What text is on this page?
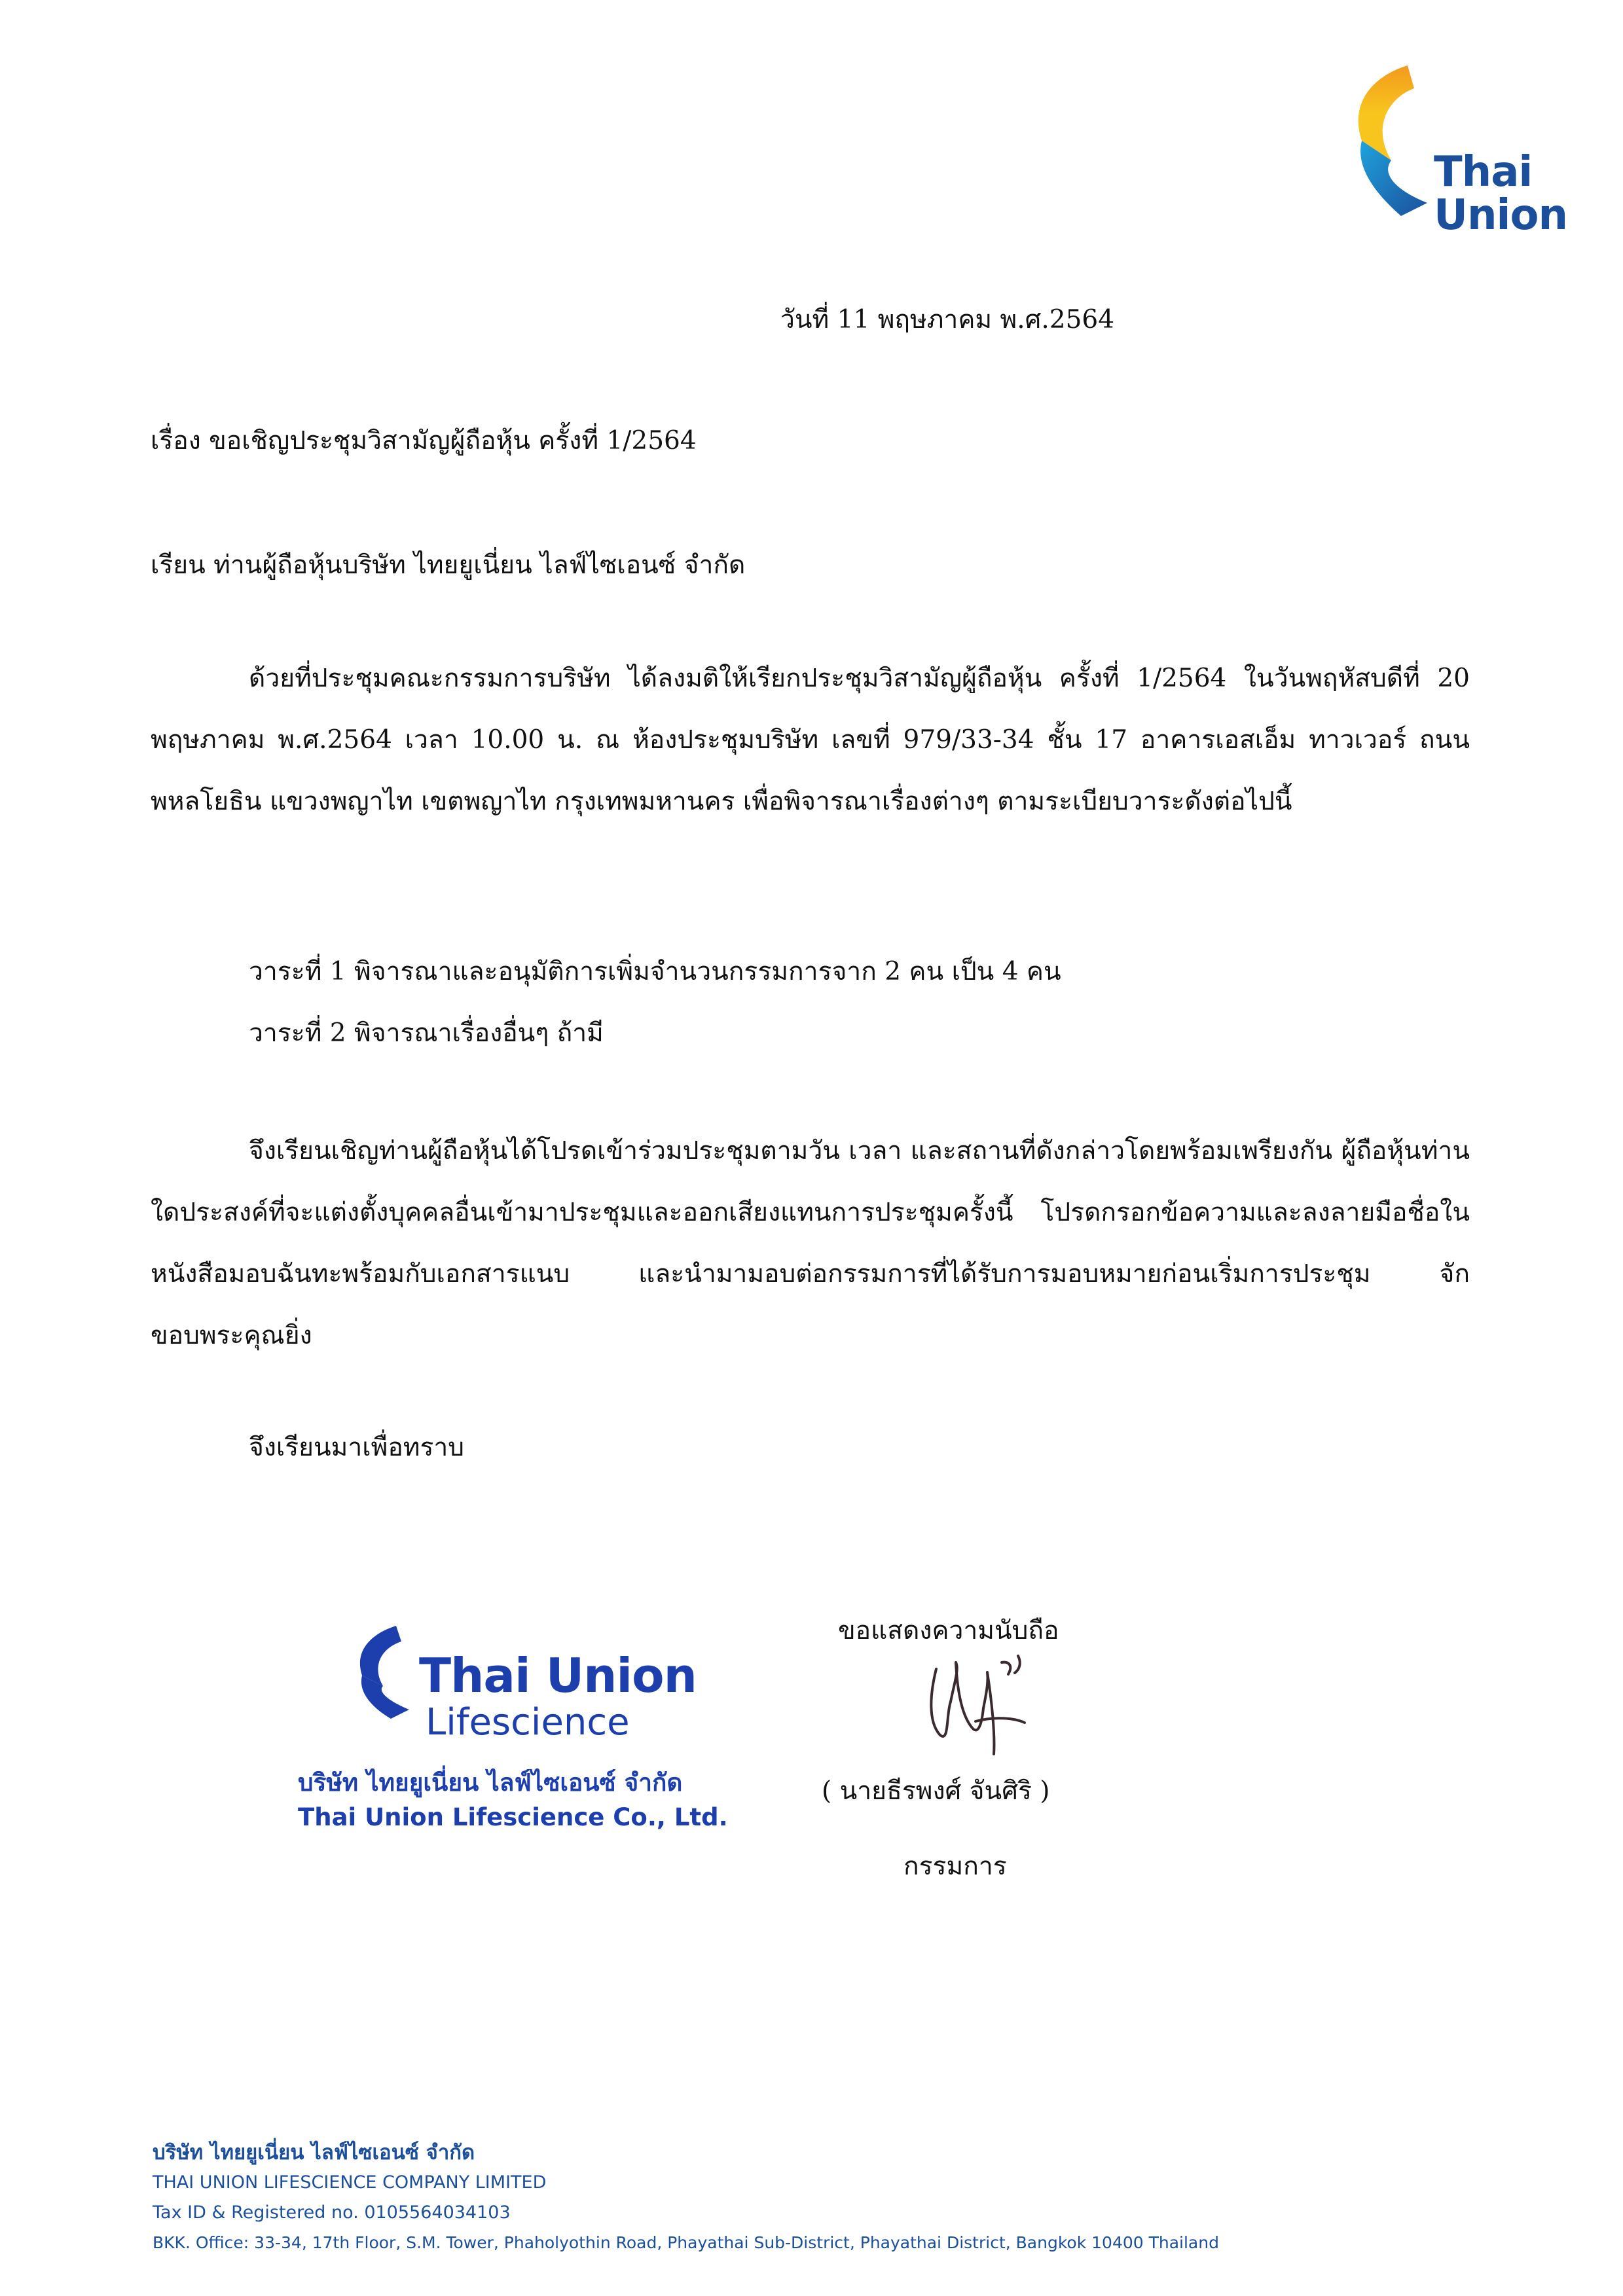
Thai
Union
วันที่ 11 พฤษภาคม พ.ศ.2564
เรื่อง ขอเชิญประชุมวิสามัญผู้ถือหุ้น ครั้งที่ 1/2564
เรียน ท่านผู้ถือหุ้นบริษัท ไทยยูเนี่ยน ไลฟ์ไซเอนซ์ จำกัด
ด้วยที่ประชุมคณะกรรมการบริษัท ได้ลงมติให้เรียกประชุมวิสามัญผู้ถือหุ้น ครั้งที่ 1/2564 ในวันพฤหัสบดีที่ 20 พฤษภาคม พ.ศ.2564 เวลา 10.00 น. ณ ห้องประชุมบริษัท เลขที่ 979/33-34 ชั้น 17 อาคารเอสเอ็ม ทาวเวอร์ ถนนพหลโยธิน แขวงพญาไท เขตพญาไท กรุงเทพมหานคร เพื่อพิจารณาเรื่องต่างๆ ตามระเบียบวาระดังต่อไปนี้
วาระที่ 1 พิจารณาและอนุมัติการเพิ่มจำนวนกรรมการจาก 2 คน เป็น 4 คน
วาระที่ 2 พิจารณาเรื่องอื่นๆ ถ้ามี
จึงเรียนเชิญท่านผู้ถือหุ้นได้โปรดเข้าร่วมประชุมตามวัน เวลา และสถานที่ดังกล่าวโดยพร้อมเพรียงกัน ผู้ถือหุ้นท่านใดประสงค์ที่จะแต่งตั้งบุคคลอื่นเข้ามาประชุมและออกเสียงแทนการประชุมครั้งนี้ โปรดกรอกข้อความและลงลายมือชื่อในหนังสือมอบฉันทะพร้อมกับเอกสารแนบ และนำมามอบต่อกรรมการที่ได้รับการมอบหมายก่อนเริ่มการประชุม จักขอบพระคุณยิ่ง
จึงเรียนมาเพื่อทราบ
Thai Union
Lifescience
บริษัท ไทยยูเนี่ยน ไลฟ์ไซเอนซ์ จำกัด
Thai Union Lifescience Co., Ltd.
ขอแสดงความนับถือ
( นายธีรพงศ์ จันศิริ )
กรรมการ
บริษัท ไทยยูเนี่ยน ไลฟ์ไซเอนซ์ จำกัด
THAI UNION LIFESCIENCE COMPANY LIMITED
Tax ID & Registered no. 0105564034103
BKK. Office: 33-34, 17th Floor, S.M. Tower, Phaholyothin Road, Phayathai Sub-District, Phayathai District, Bangkok 10400 Thailand
